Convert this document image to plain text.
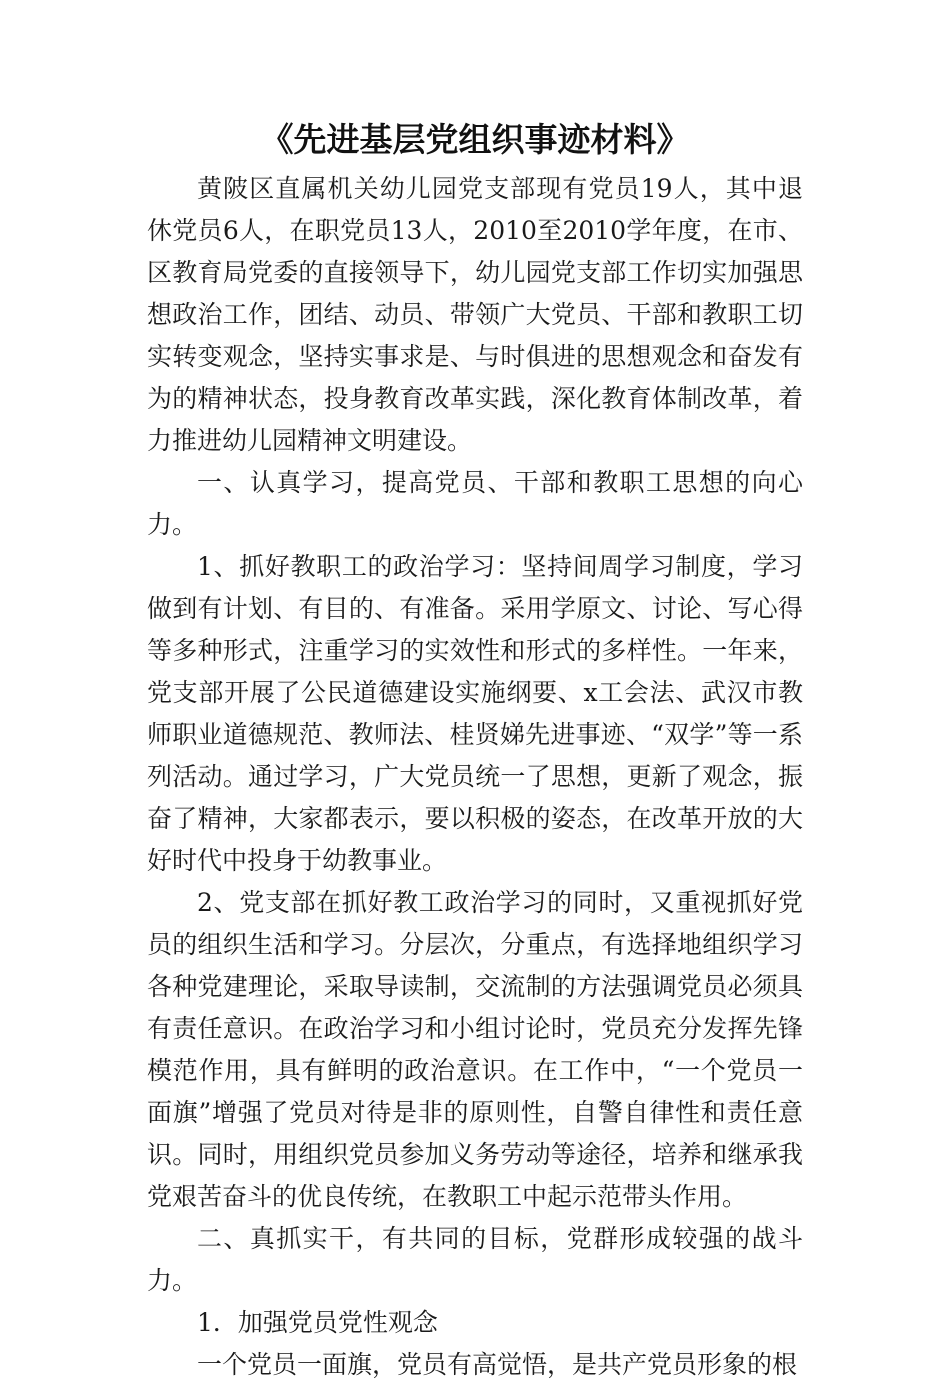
《先进基层党组织事迹材料》

黄陂区直属机关幼儿园党支部现有党员19人，其中退休党员6人，在职党员13人，2010至2010学年度，在市、区教育局党委的直接领导下，幼儿园党支部工作切实加强思想政治工作，团结、动员、带领广大党员、干部和教职工切实转变观念，坚持实事求是、与时俱进的思想观念和奋发有为的精神状态，投身教育改革实践，深化教育体制改革，着力推进幼儿园精神文明建设。

一、认真学习，提高党员、干部和教职工思想的向心力。

1、抓好教职工的政治学习：坚持间周学习制度，学习做到有计划、有目的、有准备。采用学原文、讨论、写心得等多种形式，注重学习的实效性和形式的多样性。一年来，党支部开展了公民道德建设实施纲要、x工会法、武汉市教师职业道德规范、教师法、桂贤娣先进事迹、“双学”等一系列活动。通过学习，广大党员统一了思想，更新了观念，振奋了精神，大家都表示，要以积极的姿态，在改革开放的大好时代中投身于幼教事业。

2、党支部在抓好教工政治学习的同时，又重视抓好党员的组织生活和学习。分层次，分重点，有选择地组织学习各种党建理论，采取导读制，交流制的方法强调党员必须具有责任意识。在政治学习和小组讨论时，党员充分发挥先锋模范作用，具有鲜明的政治意识。在工作中，“一个党员一面旗”增强了党员对待是非的原则性，自警自律性和责任意识。同时，用组织党员参加义务劳动等途径，培养和继承我党艰苦奋斗的优良传统，在教职工中起示范带头作用。

二、真抓实干，有共同的目标，党群形成较强的战斗力。

1．加强党员党性观念

一个党员一面旗，党员有高觉悟，是共产党员形象的根
